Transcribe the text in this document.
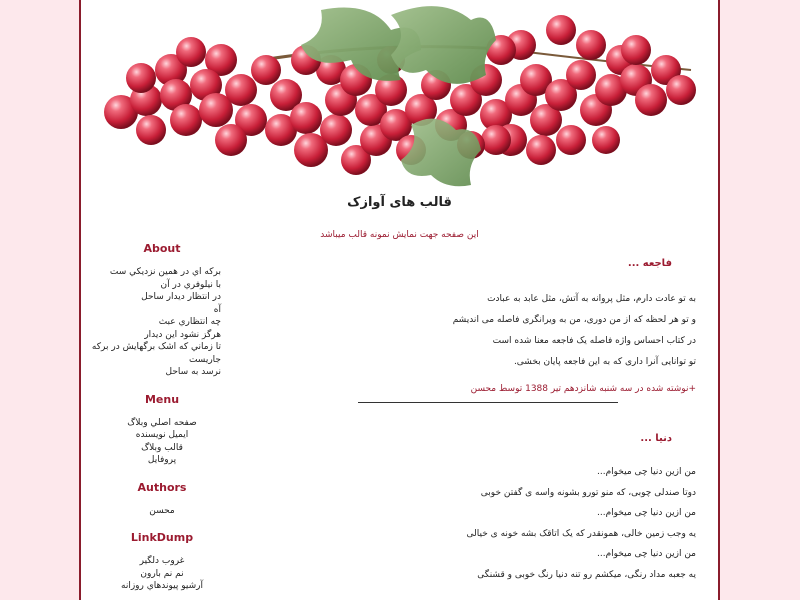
قالب های آوازک
این صفحه جهت نمایش نمونه قالب میباشد
About
برکه اي در همين نزديکي ست
با نيلوفري در آن
در انتظار ديدار ساحل
آه
چه انتظاري عبث
هرگز نشود اين ديدار
تا زماني که اشک برگهايش در برکه
جاريست
نرسد به ساحل
Menu
صفحه اصلي وبلاگ
ايميل نويسنده
قالب وبلاگ
پروفايل
Authors
محسن
LinkDump
غروب دلگير
نم نم بارون
آرشيو پيوندهاي روزانه
فاجعه ...
به تو عادت دارم، مثل پروانه به آتش، مثل عابد به عبادت
و تو هر لحظه که از من دوری، من به ویرانگری فاصله می اندیشم
در کتاب احساس واژه فاصله یک فاجعه معنا شده است
تو توانایی آنرا داری که به این فاجعه پایان بخشی.
+نوشته شده در سه شنبه شانزدهم تیر 1388 توسط محسن
دنیا ...
من ازین دنیا چی میخوام...
دوتا صندلی چوبی، که منو تورو بشونه واسه ی گفتن خوبی
من ازین دنیا چی میخوام...
یه وجب زمین خالی، همونقدر که یک اتاقک بشه خونه ی خیالی
من ازین دنیا چی میخوام...
یه جعبه مداد رنگی، میکشم رو تنه دنیا رنگ خوبی و قشنگی
